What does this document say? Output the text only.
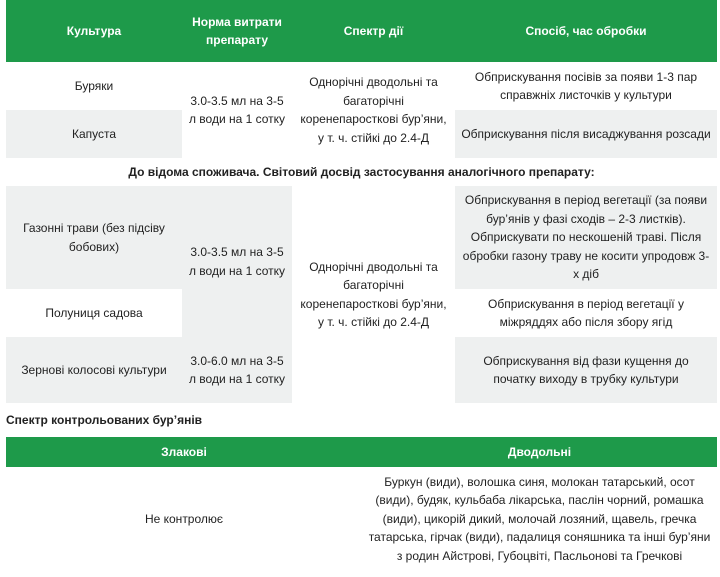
Культура	Норма витрати препарату	Спектр дії	Спосіб, час обробки
Буряки	3.0-3.5 мл на 3-5 л води на 1 сотку	Однорічні дводольні та багаторічні коренепаросткові бур’яни, у т. ч. стійкі до 2.4-Д	Обприскування посівів за появи 1-3 пар справжніх листочків у культури
Капуста			Обприскування після висаджування розсади
До відома споживача. Світовий досвід застосування аналогічного препарату:
Газонні трави (без підсіву бобових)	3.0-3.5 мл на 3-5 л води на 1 сотку	Однорічні дводольні та багаторічні коренепаросткові бур’яни, у т. ч. стійкі до 2.4-Д	Обприскування в період вегетації (за появи бур’янів у фазі сходів – 2-3 листків). Обприскувати по нескошеній траві. Після обробки газону траву не косити упродовж 3-х діб
Полуниця садова			Обприскування в період вегетації у міжряддях або після збору ягід
Зернові колосові культури	3.0-6.0 мл на 3-5 л води на 1 сотку		Обприскування від фази кущення до початку виходу в трубку культури
Спектр контрольованих бур’янів
Злакові	Дводольні
Не контролює	Буркун (види), волошка синя, молокан татарський, осот (види), будяк, кульбаба лікарська, паслін чорний, ромашка (види), цикорій дикий, молочай лозяний, щавель, гречка татарська, гірчак (види), падалиця соняшника та інші бур’яни з родин Айстрові, Губоцвіті, Пасльонові та Гречкові
